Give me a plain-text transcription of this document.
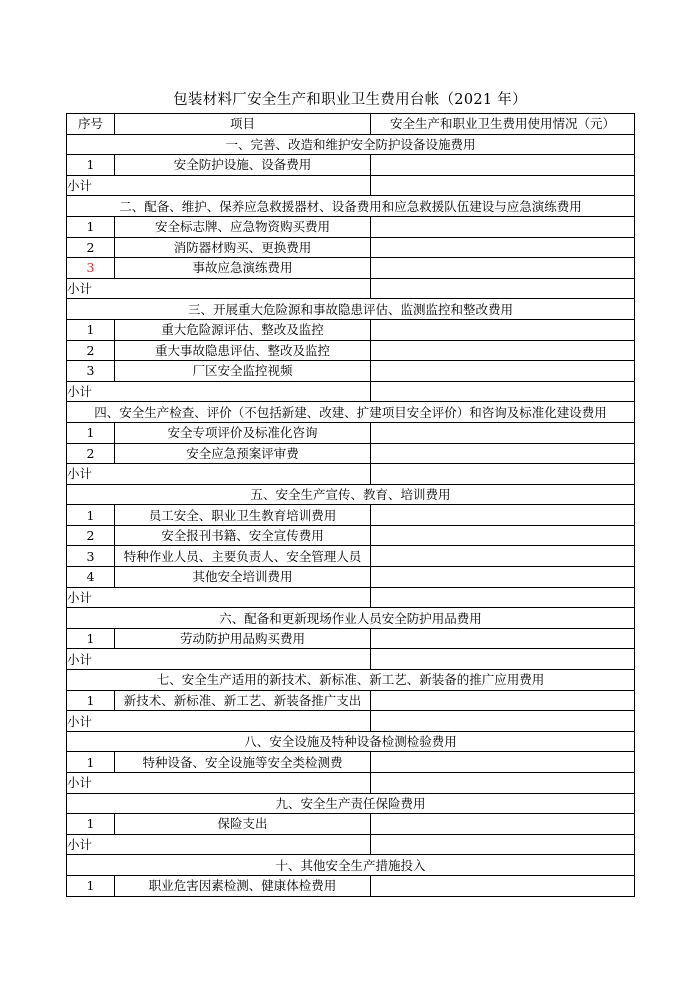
包装材料厂安全生产和职业卫生费用台帐（2021 年）
序号	项目	安全生产和职业卫生费用使用情况（元）
一、完善、改造和维护安全防护设备设施费用		
1	安全防护设施、设备费用	
小计		
二、配备、维护、保养应急救援器材、设备费用和应急救援队伍建设与应急演练费用		
1	安全标志牌、应急物资购买费用	
2	消防器材购买、更换费用	
3	事故应急演练费用	
小计		
三、开展重大危险源和事故隐患评估、监测监控和整改费用		
1	重大危险源评估、整改及监控	
2	重大事故隐患评估、整改及监控	
3	厂区安全监控视频	
小计		
四、安全生产检查、评价（不包括新建、改建、扩建项目安全评价）和咨询及标准化建设费用		
1	安全专项评价及标准化咨询	
2	安全应急预案评审费	
小计		
五、安全生产宣传、教育、培训费用		
1	员工安全、职业卫生教育培训费用	
2	安全报刊书籍、安全宣传费用	
3	特种作业人员、主要负责人、安全管理人员	
4	其他安全培训费用	
小计		
六、配备和更新现场作业人员安全防护用品费用		
1	劳动防护用品购买费用	
小计		
七、安全生产适用的新技术、新标准、新工艺、新装备的推广应用费用		
1	新技术、新标准、新工艺、新装备推广支出	
小计		
八、安全设施及特种设备检测检验费用		
1	特种设备、安全设施等安全类检测费	
小计		
九、安全生产责任保险费用		
1	保险支出	
小计		
十、其他安全生产措施投入		
1	职业危害因素检测、健康体检费用	
